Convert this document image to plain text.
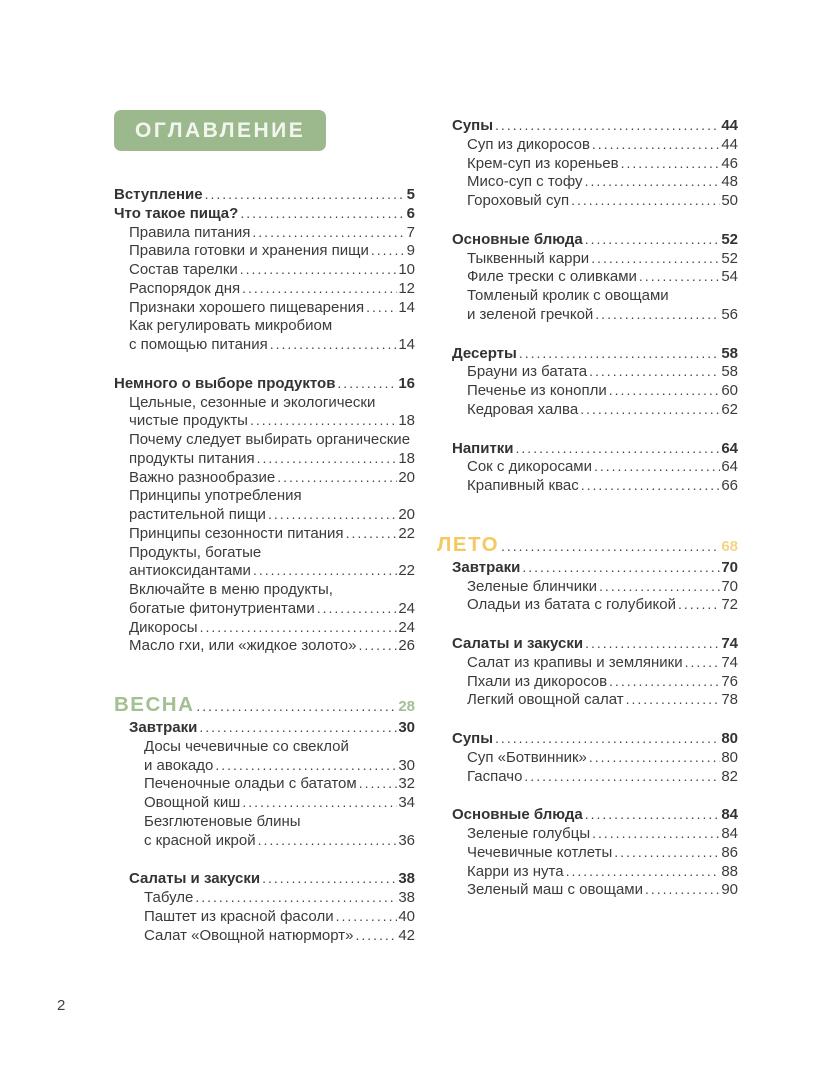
ОГЛАВЛЕНИЕ
Вступление .....	5
Что такое пища? .....	6
Правила питания .....	7
Правила готовки и хранения пищи .....	9
Состав тарелки .....	10
Распорядок дня .....	12
Признаки хорошего пищеварения ..... 14
Как регулировать микробиом
с помощью питания .....	14
Немного о выборе продуктов .....	16
Цельные, сезонные и экологически
чистые продукты .....	18
Почему следует выбирать органические
продукты питания .....	18
Важно разнообразие .....	20
Принципы употребления
растительной пищи .....	20
Принципы сезонности питания .....	22
Продукты, богатые
антиоксидантами .....	22
Включайте в меню продукты,
богатые фитонутриентами .....	24
Дикоросы .....	24
Масло гхи, или «жидкое золото» .....	26
ВЕСНА .....	28
Завтраки .....	30
Досы чечевичные со свеклой
и авокадо .....	30
Печеночные оладьи с бататом .....	32
Овощной киш .....	34
Безглютеновые блины
с красной икрой .....	36
Салаты и закуски .....	38
Табуле .....	38
Паштет из красной фасоли .....	40
Салат «Овощной натюрморт» .....	42
Супы .....	44
Суп из дикоросов .....	44
Крем-суп из кореньев .....	46
Мисо-суп с тофу .....	48
Гороховый суп .....	50
Основные блюда .....	52
Тыквенный карри .....	52
Филе трески с оливками .....	54
Томленый кролик с овощами
и зеленой гречкой .....	56
Десерты .....	58
Брауни из батата .....	58
Печенье из конопли .....	60
Кедровая халва .....	62
Напитки .....	64
Сок с дикоросами .....	64
Крапивный квас .....	66
ЛЕТО .....	68
Завтраки .....	70
Зеленые блинчики .....	70
Оладьи из батата с голубикой .....	72
Салаты и закуски .....	74
Салат из крапивы и земляники .....	74
Пхали из дикоросов .....	76
Легкий овощной салат .....	78
Супы .....	80
Суп «Ботвинник» .....	80
Гаспачо .....	82
Основные блюда .....	84
Зеленые голубцы .....	84
Чечевичные котлеты .....	86
Карри из нута .....	88
Зеленый маш с овощами .....	90
2
